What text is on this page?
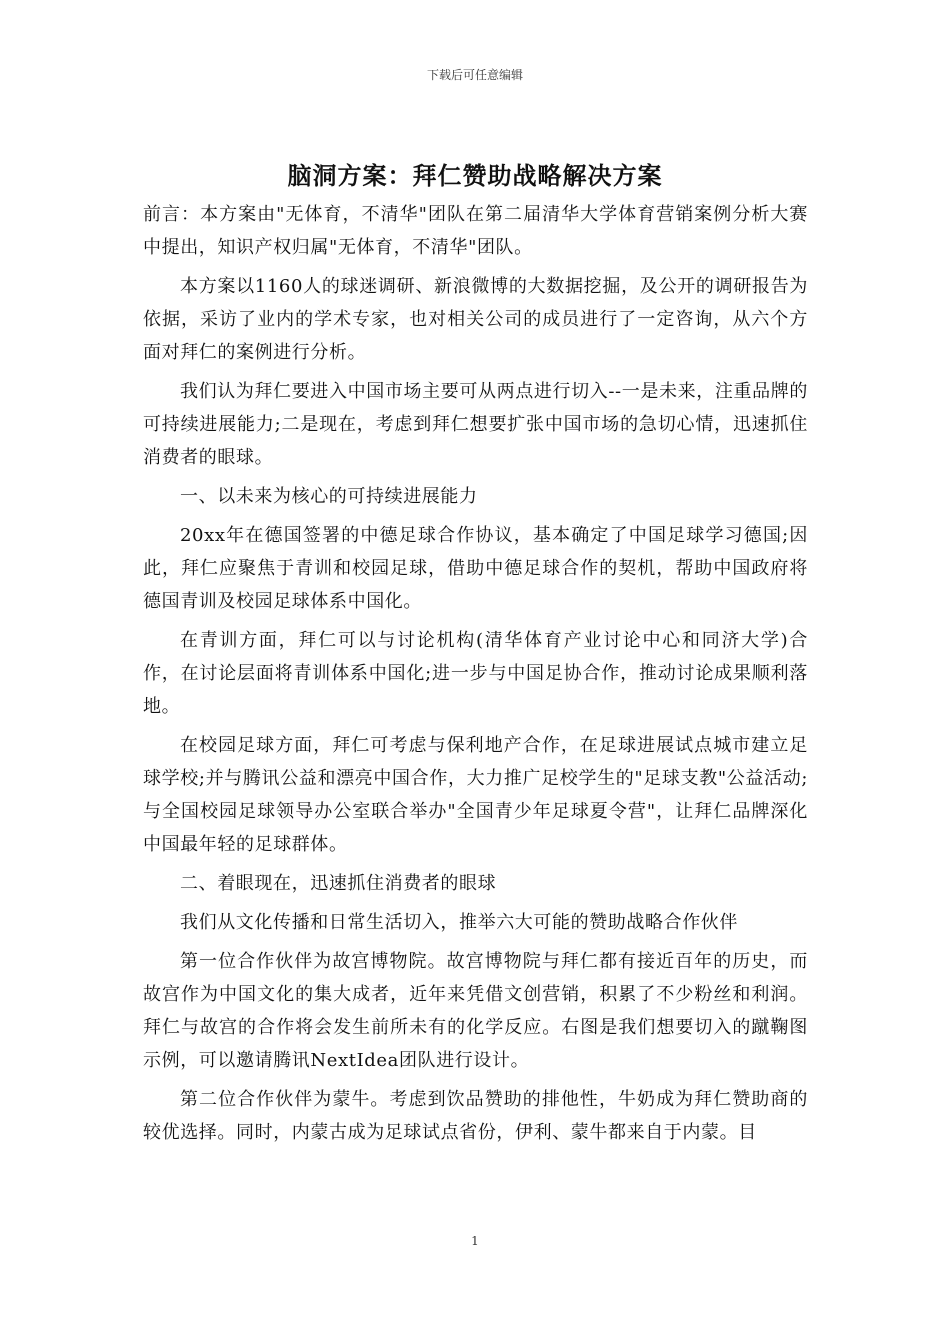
下载后可任意编辑
脑洞方案：拜仁赞助战略解决方案

前言：本方案由"无体育，不清华"团队在第二届清华大学体育营销案例分析大赛中提出，知识产权归属"无体育，不清华"团队。

本方案以1160人的球迷调研、新浪微博的大数据挖掘，及公开的调研报告为依据，采访了业内的学术专家，也对相关公司的成员进行了一定咨询，从六个方面对拜仁的案例进行分析。

我们认为拜仁要进入中国市场主要可从两点进行切入--一是未来，注重品牌的可持续进展能力;二是现在，考虑到拜仁想要扩张中国市场的急切心情，迅速抓住消费者的眼球。

一、以未来为核心的可持续进展能力

20xx年在德国签署的中德足球合作协议，基本确定了中国足球学习德国;因此，拜仁应聚焦于青训和校园足球，借助中德足球合作的契机，帮助中国政府将德国青训及校园足球体系中国化。

在青训方面，拜仁可以与讨论机构(清华体育产业讨论中心和同济大学)合作，在讨论层面将青训体系中国化;进一步与中国足协合作，推动讨论成果顺利落地。

在校园足球方面，拜仁可考虑与保利地产合作，在足球进展试点城市建立足球学校;并与腾讯公益和漂亮中国合作，大力推广足校学生的"足球支教"公益活动;与全国校园足球领导办公室联合举办"全国青少年足球夏令营"，让拜仁品牌深化中国最年轻的足球群体。

二、着眼现在，迅速抓住消费者的眼球

我们从文化传播和日常生活切入，推举六大可能的赞助战略合作伙伴

第一位合作伙伴为故宫博物院。故宫博物院与拜仁都有接近百年的历史，而故宫作为中国文化的集大成者，近年来凭借文创营销，积累了不少粉丝和利润。拜仁与故宫的合作将会发生前所未有的化学反应。右图是我们想要切入的蹴鞠图示例，可以邀请腾讯NextIdea团队进行设计。

第二位合作伙伴为蒙牛。考虑到饮品赞助的排他性，牛奶成为拜仁赞助商的较优选择。同时，内蒙古成为足球试点省份，伊利、蒙牛都来自于内蒙。目

1
